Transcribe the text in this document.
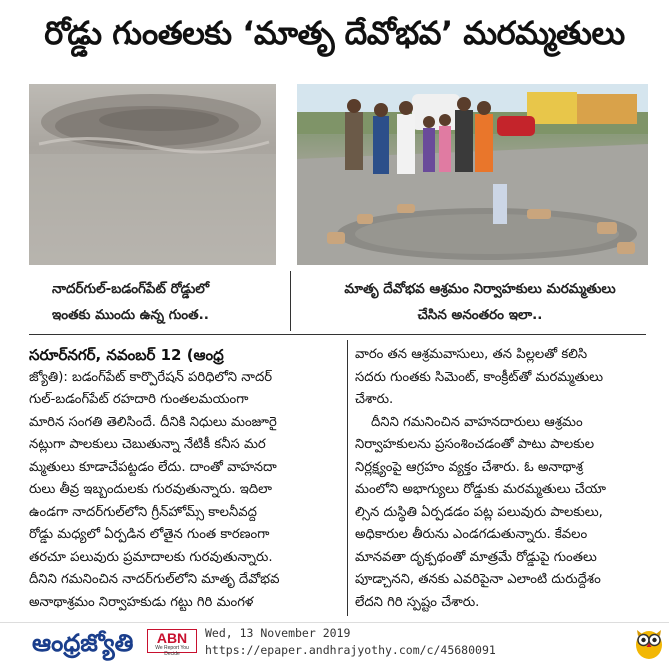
రోడ్డు గుంతలకు ‘మాతృ దేవోభవ’ మరమ్మతులు
నాదర్‌గుల్-బడంగ్‌పేట్ రోడ్డులో
ఇంతకు ముందు ఉన్న గుంత..
మాతృ దేవోభవ ఆశ్రమం నిర్వాహకులు మరమ్మతులు
చేసిన అనంతరం ఇలా..
సరూర్‌నగర్, నవంబర్ 12 (ఆంధ్ర
జ్యోతి): బడంగ్‌పేట్ కార్పొరేషన్ పరిధిలోని నాదర్
గుల్-బడంగ్‌పేట్ రహదారి గుంతలమయంగా
మారిన సంగతి తెలిసిందే. దీనికి నిధులు మంజూరై
నట్లుగా పాలకులు చెబుతున్నా నేటికీ కనీస మర
మ్మతులు కూడాచేపట్టడం లేదు. దాంతో వాహనదా
రులు తీవ్ర ఇబ్బందులకు గురవుతున్నారు. ఇదిలా
ఉండగా నాదర్‌గుల్‌లోని గ్రీన్‌హోమ్స్ కాలనీవద్ద
రోడ్డు మధ్యలో ఏర్పడిన లోతైన గుంత కారణంగా
తరచూ పలువురు ప్రమాదాలకు గురవుతున్నారు.
దీనిని గమనించిన నాదర్‌గుల్‌లోని మాతృ దేవోభవ
అనాథాశ్రమం నిర్వాహకుడు గట్టు గిరి మంగళ
వారం తన ఆశ్రమవాసులు, తన పిల్లలతో కలిసి
సదరు గుంతకు సిమెంట్, కాంక్రీట్‌తో మరమ్మతులు
చేశారు.
దీనిని గమనించిన వాహనదారులు ఆశ్రమం
నిర్వాహకులను ప్రసంశించడంతో పాటు పాలకుల
నిర్లక్ష్యంపై ఆగ్రహం వ్యక్తం చేశారు. ఓ అనాథాశ్ర
మంలోని అభాగ్యులు రోడ్డుకు మరమ్మతులు చేయా
ల్సిన దుస్థితి ఏర్పడడం పట్ల పలువురు పాలకులు,
అధికారుల తీరును ఎండగడుతున్నారు. కేవలం
మానవతా దృక్పథంతో మాత్రమే రోడ్డుపై గుంతలు
పూడ్చానని, తనకు ఎవరిపైనా ఎలాంటి దురుద్దేశం
లేదని గిరి స్పష్టం చేశారు.
ఆంధ్రజ్యోతి	ABN
We Report You Decide
Wed, 13 November 2019
https://epaper.andhrajyothy.com/c/45680091
